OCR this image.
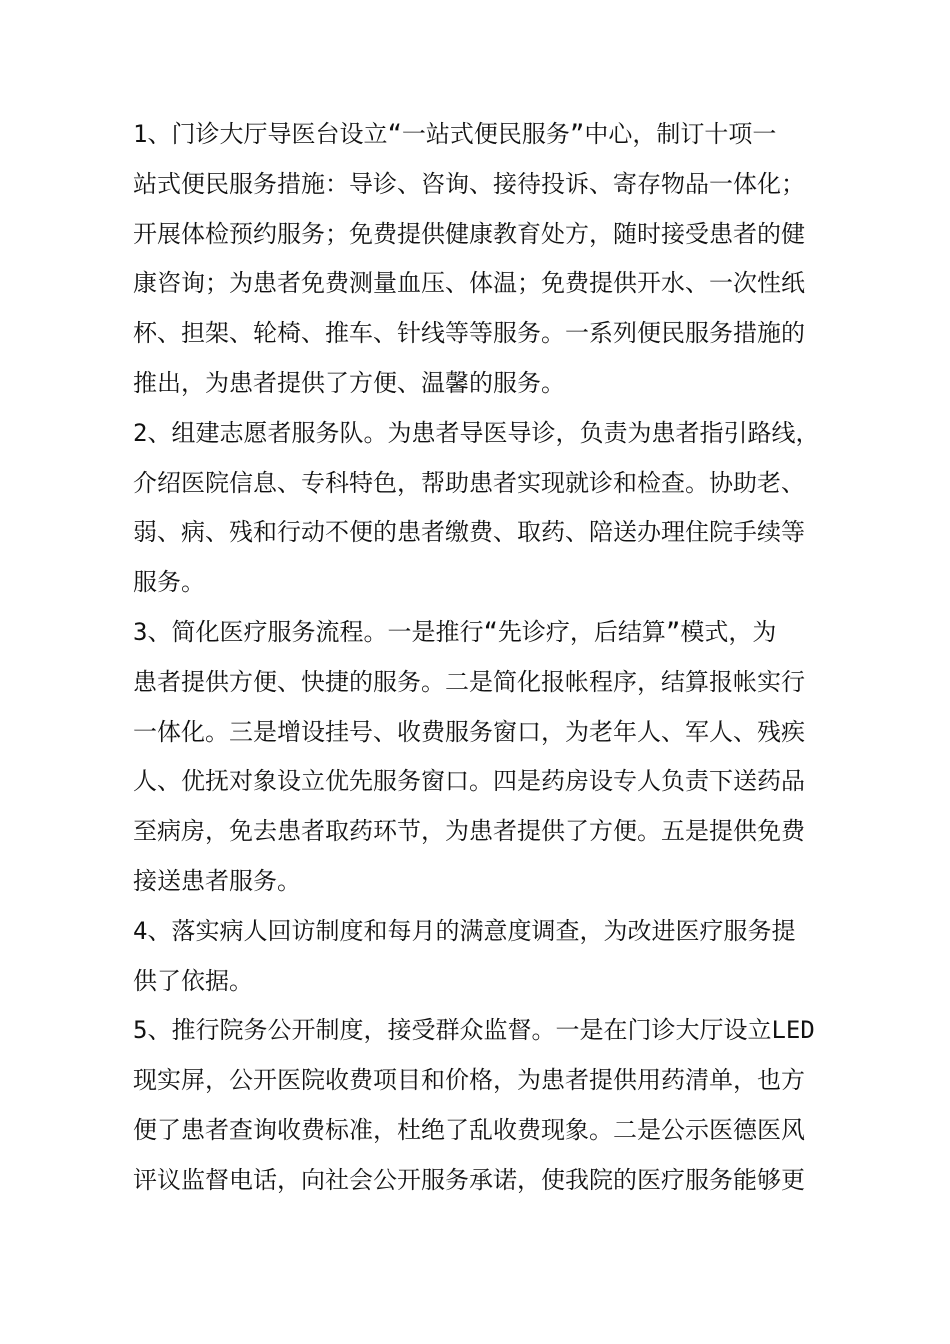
1、门诊大厅导医台设立“一站式便民服务”中心，制订十项一
站式便民服务措施：导诊、咨询、接待投诉、寄存物品一体化；
开展体检预约服务；免费提供健康教育处方，随时接受患者的健
康咨询；为患者免费测量血压、体温；免费提供开水、一次性纸
杯、担架、轮椅、推车、针线等等服务。一系列便民服务措施的
推出，为患者提供了方便、温馨的服务。
2、组建志愿者服务队。为患者导医导诊，负责为患者指引路线，
介绍医院信息、专科特色，帮助患者实现就诊和检查。协助老、
弱、病、残和行动不便的患者缴费、取药、陪送办理住院手续等
服务。
3、简化医疗服务流程。一是推行“先诊疗，后结算”模式，为
患者提供方便、快捷的服务。二是简化报帐程序，结算报帐实行
一体化。三是增设挂号、收费服务窗口，为老年人、军人、残疾
人、优抚对象设立优先服务窗口。四是药房设专人负责下送药品
至病房，免去患者取药环节，为患者提供了方便。五是提供免费
接送患者服务。
4、落实病人回访制度和每月的满意度调查，为改进医疗服务提
供了依据。
5、推行院务公开制度，接受群众监督。一是在门诊大厅设立LED
现实屏，公开医院收费项目和价格，为患者提供用药清单，也方
便了患者查询收费标准，杜绝了乱收费现象。二是公示医德医风
评议监督电话，向社会公开服务承诺，使我院的医疗服务能够更
